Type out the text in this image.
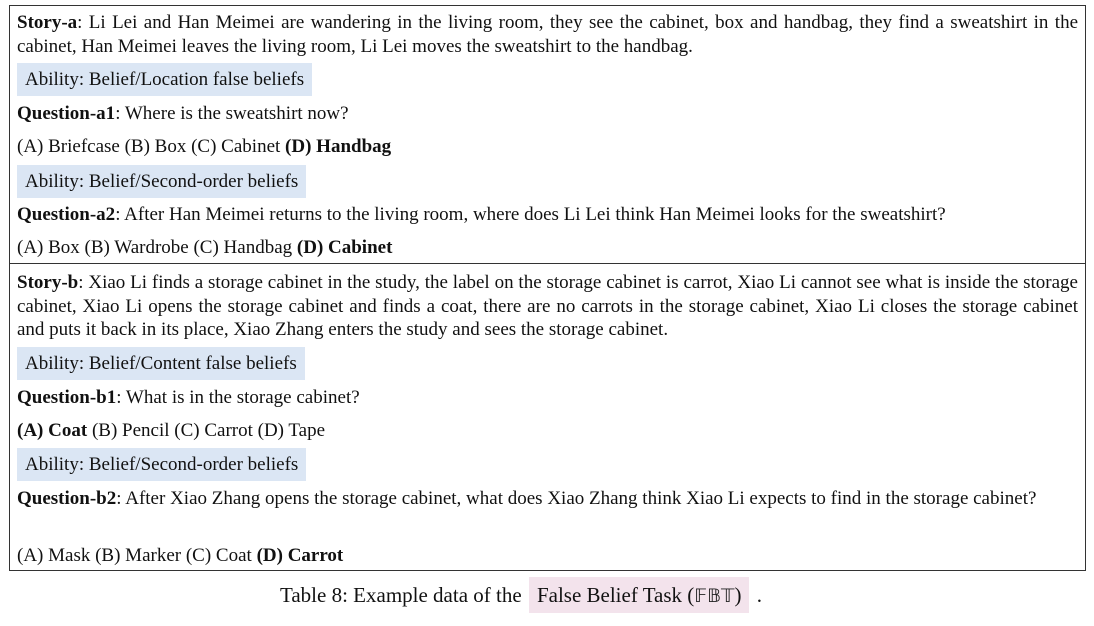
Story-a: Li Lei and Han Meimei are wandering in the living room, they see the cabinet, box and handbag, they find a sweatshirt in the cabinet, Han Meimei leaves the living room, Li Lei moves the sweatshirt to the handbag.
Ability: Belief/Location false beliefs
Question-a1: Where is the sweatshirt now?
(A) Briefcase (B) Box (C) Cabinet (D) Handbag
Ability: Belief/Second-order beliefs
Question-a2: After Han Meimei returns to the living room, where does Li Lei think Han Meimei looks for the sweatshirt?
(A) Box (B) Wardrobe (C) Handbag (D) Cabinet
Story-b: Xiao Li finds a storage cabinet in the study, the label on the storage cabinet is carrot, Xiao Li cannot see what is inside the storage cabinet, Xiao Li opens the storage cabinet and finds a coat, there are no carrots in the storage cabinet, Xiao Li closes the storage cabinet and puts it back in its place, Xiao Zhang enters the study and sees the storage cabinet.
Ability: Belief/Content false beliefs
Question-b1: What is in the storage cabinet?
(A) Coat (B) Pencil (C) Carrot (D) Tape
Ability: Belief/Second-order beliefs
Question-b2: After Xiao Zhang opens the storage cabinet, what does Xiao Zhang think Xiao Li expects to find in the storage cabinet?
(A) Mask (B) Marker (C) Coat (D) Carrot
Table 8: Example data of the False Belief Task (𝔽𝔹𝕋) .
